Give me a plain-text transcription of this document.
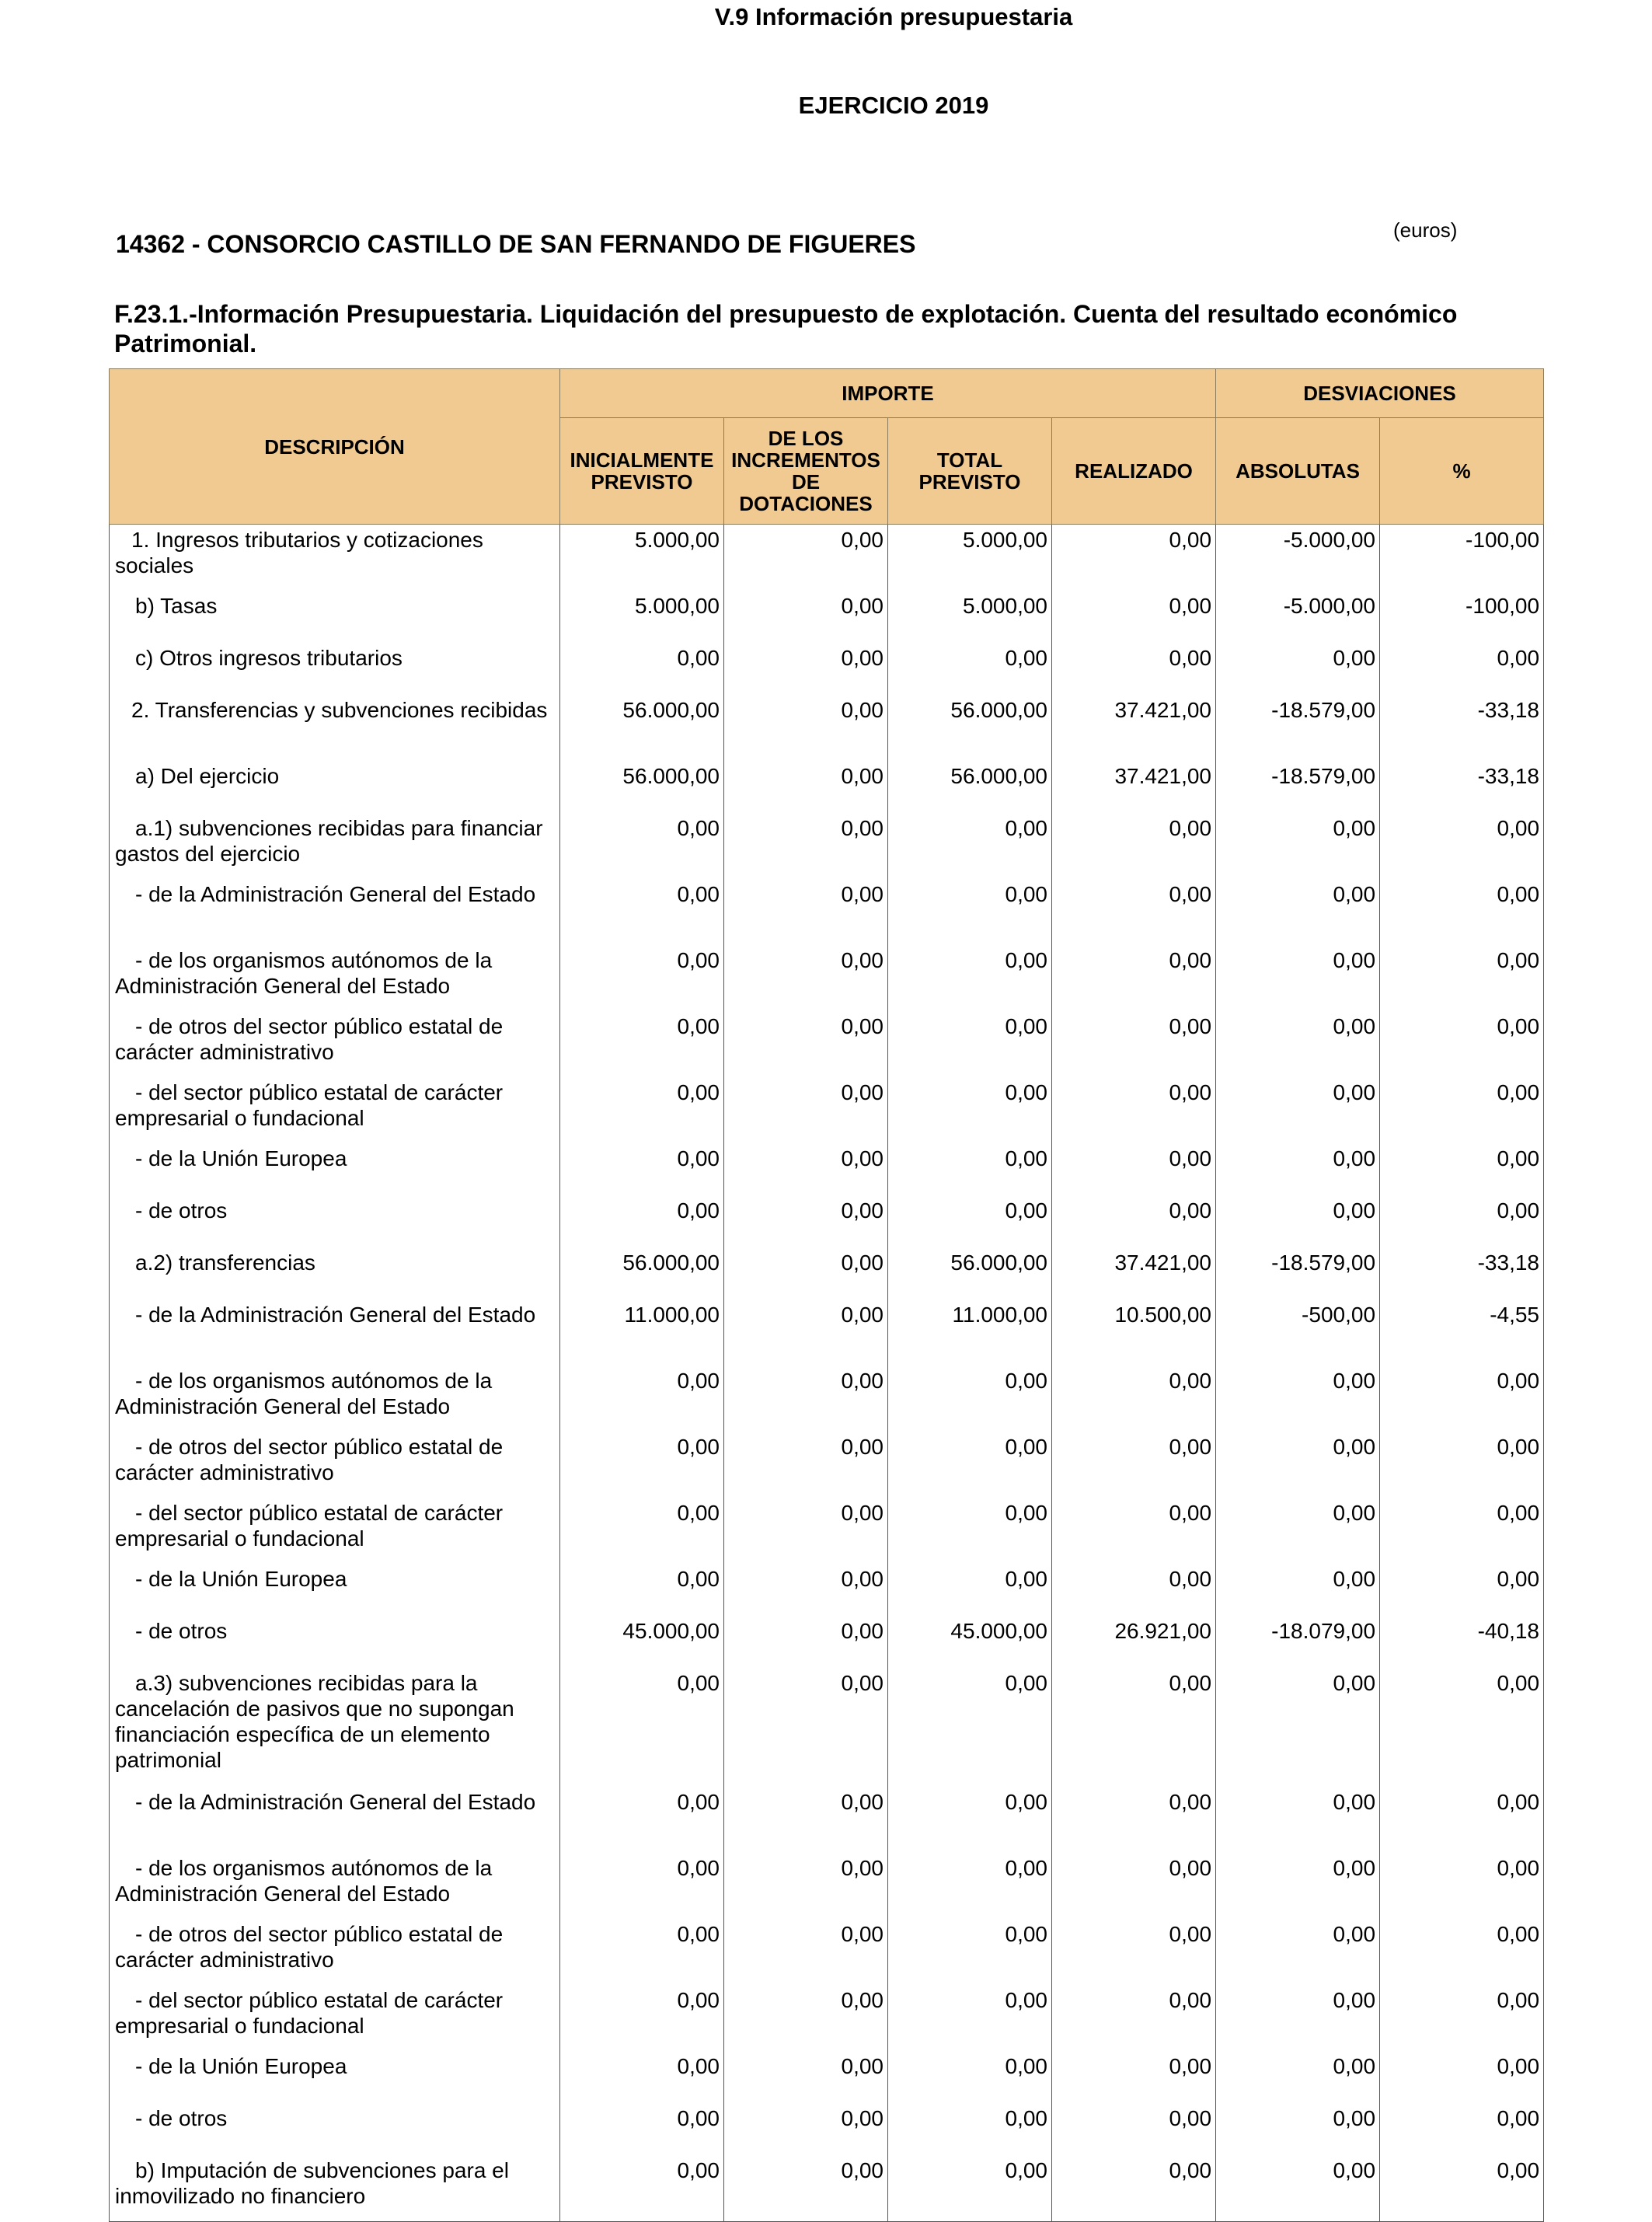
V.9 Información presupuestaria
EJERCICIO 2019
14362 - CONSORCIO CASTILLO DE SAN FERNANDO DE FIGUERES	(euros)
F.23.1.-Información Presupuestaria. Liquidación del presupuesto de explotación. Cuenta del resultado económico Patrimonial.
DESCRIPCIÓN	IMPORTE				DESVIACIONES	
	INICIALMENTE PREVISTO	DE LOS INCREMENTOS DE DOTACIONES	TOTAL PREVISTO	REALIZADO	ABSOLUTAS	%
1. Ingresos tributarios y cotizaciones sociales	5.000,00	0,00	5.000,00	0,00	-5.000,00	-100,00
b) Tasas	5.000,00	0,00	5.000,00	0,00	-5.000,00	-100,00
c) Otros ingresos tributarios	0,00	0,00	0,00	0,00	0,00	0,00
2. Transferencias y subvenciones recibidas	56.000,00	0,00	56.000,00	37.421,00	-18.579,00	-33,18
a) Del ejercicio	56.000,00	0,00	56.000,00	37.421,00	-18.579,00	-33,18
a.1) subvenciones recibidas para financiar gastos del ejercicio	0,00	0,00	0,00	0,00	0,00	0,00
- de la Administración General del Estado	0,00	0,00	0,00	0,00	0,00	0,00
- de los organismos autónomos de la Administración General del Estado	0,00	0,00	0,00	0,00	0,00	0,00
- de otros del sector público estatal de carácter administrativo	0,00	0,00	0,00	0,00	0,00	0,00
- del sector público estatal de carácter empresarial o fundacional	0,00	0,00	0,00	0,00	0,00	0,00
- de la Unión Europea	0,00	0,00	0,00	0,00	0,00	0,00
- de otros	0,00	0,00	0,00	0,00	0,00	0,00
a.2) transferencias	56.000,00	0,00	56.000,00	37.421,00	-18.579,00	-33,18
- de la Administración General del Estado	11.000,00	0,00	11.000,00	10.500,00	-500,00	-4,55
- de los organismos autónomos de la Administración General del Estado	0,00	0,00	0,00	0,00	0,00	0,00
- de otros del sector público estatal de carácter administrativo	0,00	0,00	0,00	0,00	0,00	0,00
- del sector público estatal de carácter empresarial o fundacional	0,00	0,00	0,00	0,00	0,00	0,00
- de la Unión Europea	0,00	0,00	0,00	0,00	0,00	0,00
- de otros	45.000,00	0,00	45.000,00	26.921,00	-18.079,00	-40,18
a.3) subvenciones recibidas para la cancelación de pasivos que no supongan financiación específica de un elemento patrimonial	0,00	0,00	0,00	0,00	0,00	0,00
- de la Administración General del Estado	0,00	0,00	0,00	0,00	0,00	0,00
- de los organismos autónomos de la Administración General del Estado	0,00	0,00	0,00	0,00	0,00	0,00
- de otros del sector público estatal de carácter administrativo	0,00	0,00	0,00	0,00	0,00	0,00
- del sector público estatal de carácter empresarial o fundacional	0,00	0,00	0,00	0,00	0,00	0,00
- de la Unión Europea	0,00	0,00	0,00	0,00	0,00	0,00
- de otros	0,00	0,00	0,00	0,00	0,00	0,00
b) Imputación de subvenciones para el inmovilizado no financiero	0,00	0,00	0,00	0,00	0,00	0,00
